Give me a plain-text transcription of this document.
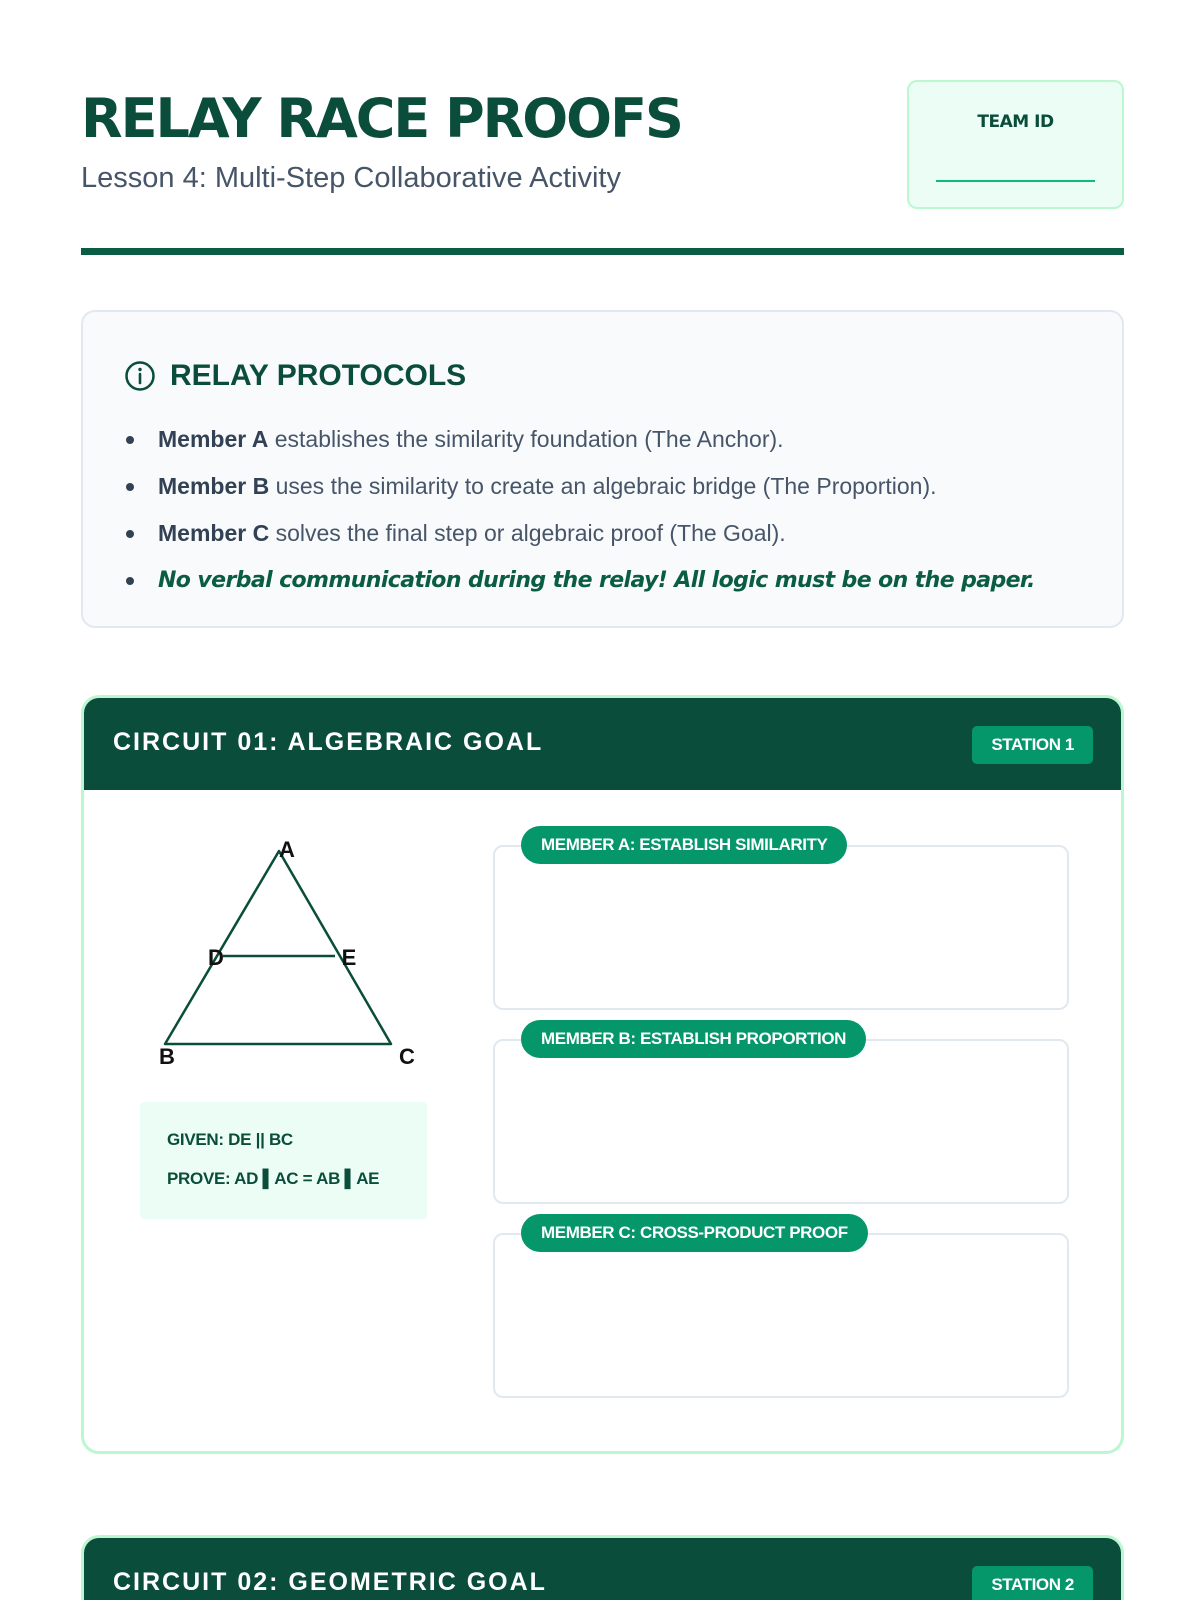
RELAY RACE PROOFS
Lesson 4: Multi-Step Collaborative Activity
TEAM ID
RELAY PROTOCOLS
Member A establishes the similarity foundation (The Anchor).
Member B uses the similarity to create an algebraic bridge (The Proportion).
Member C solves the final step or algebraic proof (The Goal).
No verbal communication during the relay! All logic must be on the paper.
CIRCUIT 01: ALGEBRAIC GOAL	STATION 1
A
D	E
B	C
GIVEN: DE || BC
PROVE: AD ▌AC = AB ▌AE
MEMBER A: ESTABLISH SIMILARITY
MEMBER B: ESTABLISH PROPORTION
MEMBER C: CROSS-PRODUCT PROOF
CIRCUIT 02: GEOMETRIC GOAL	STATION 2
